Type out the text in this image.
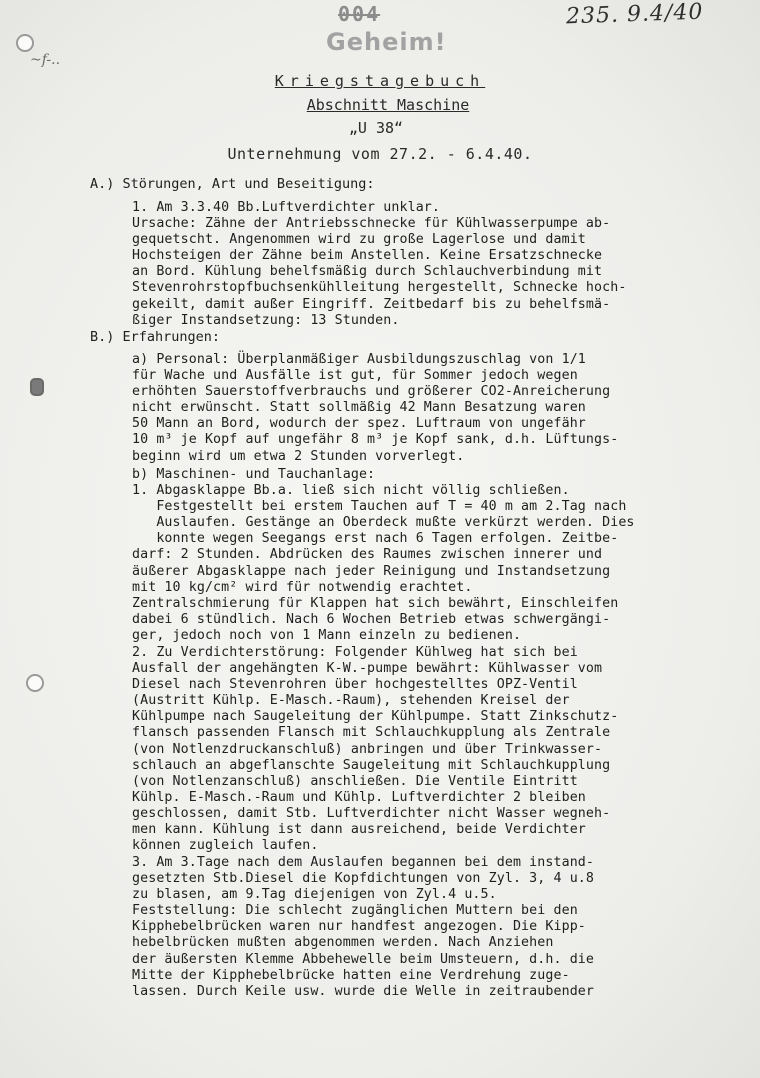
004
Geheim!
235. 9.4/40
~f-..
Kriegstagebuch
Abschnitt Maschine
„U 38“
Unternehmung vom 27.2. - 6.4.40.
A.) Störungen, Art und Beseitigung:
1. Am 3.3.40 Bb.Luftverdichter unklar.
Ursache: Zähne der Antriebsschnecke für Kühlwasserpumpe ab-
gequetscht. Angenommen wird zu große Lagerlose und damit
Hochsteigen der Zähne beim Anstellen. Keine Ersatzschnecke
an Bord. Kühlung behelfsmäßig durch Schlauchverbindung mit
Stevenrohrstopfbuchsenkühlleitung hergestellt, Schnecke hoch-
gekeilt, damit außer Eingriff. Zeitbedarf bis zu behelfsmä-
ßiger Instandsetzung: 13 Stunden.
B.) Erfahrungen:
a) Personal: Überplanmäßiger Ausbildungszuschlag von 1/1
für Wache und Ausfälle ist gut, für Sommer jedoch wegen
erhöhten Sauerstoffverbrauchs und größerer CO2-Anreicherung
nicht erwünscht. Statt sollmäßig 42 Mann Besatzung waren
50 Mann an Bord, wodurch der spez. Luftraum von ungefähr
10 m³ je Kopf auf ungefähr 8 m³ je Kopf sank, d.h. Lüftungs-
beginn wird um etwa 2 Stunden vorverlegt.
b) Maschinen- und Tauchanlage:
1. Abgasklappe Bb.a. ließ sich nicht völlig schließen.
Festgestellt bei erstem Tauchen auf T = 40 m am 2.Tag nach
Auslaufen. Gestänge an Oberdeck mußte verkürzt werden. Dies
konnte wegen Seegangs erst nach 6 Tagen erfolgen. Zeitbe-
darf: 2 Stunden. Abdrücken des Raumes zwischen innerer und
äußerer Abgasklappe nach jeder Reinigung und Instandsetzung
mit 10 kg/cm² wird für notwendig erachtet.
Zentralschmierung für Klappen hat sich bewährt, Einschleifen
dabei 6 stündlich. Nach 6 Wochen Betrieb etwas schwergängi-
ger, jedoch noch von 1 Mann einzeln zu bedienen.
2. Zu Verdichterstörung: Folgender Kühlweg hat sich bei
Ausfall der angehängten K-W.-pumpe bewährt: Kühlwasser vom
Diesel nach Stevenrohren über hochgestelltes OPZ-Ventil
(Austritt Kühlp. E-Masch.-Raum), stehenden Kreisel der
Kühlpumpe nach Saugeleitung der Kühlpumpe. Statt Zinkschutz-
flansch passenden Flansch mit Schlauchkupplung als Zentrale
(von Notlenzdruckanschluß) anbringen und über Trinkwasser-
schlauch an abgeflanschte Saugeleitung mit Schlauchkupplung
(von Notlenzanschluß) anschließen. Die Ventile Eintritt
Kühlp. E-Masch.-Raum und Kühlp. Luftverdichter 2 bleiben
geschlossen, damit Stb. Luftverdichter nicht Wasser wegneh-
men kann. Kühlung ist dann ausreichend, beide Verdichter
können zugleich laufen.
3. Am 3.Tage nach dem Auslaufen begannen bei dem instand-
gesetzten Stb.Diesel die Kopfdichtungen von Zyl. 3, 4 u.8
zu blasen, am 9.Tag diejenigen von Zyl.4 u.5.
Feststellung: Die schlecht zugänglichen Muttern bei den
Kipphebelbrücken waren nur handfest angezogen. Die Kipp-
hebelbrücken mußten abgenommen werden. Nach Anziehen
der äußersten Klemme Abbehewelle beim Umsteuern, d.h. die
Mitte der Kipphebelbrücke hatten eine Verdrehung zuge-
lassen. Durch Keile usw. wurde die Welle in zeitraubender
